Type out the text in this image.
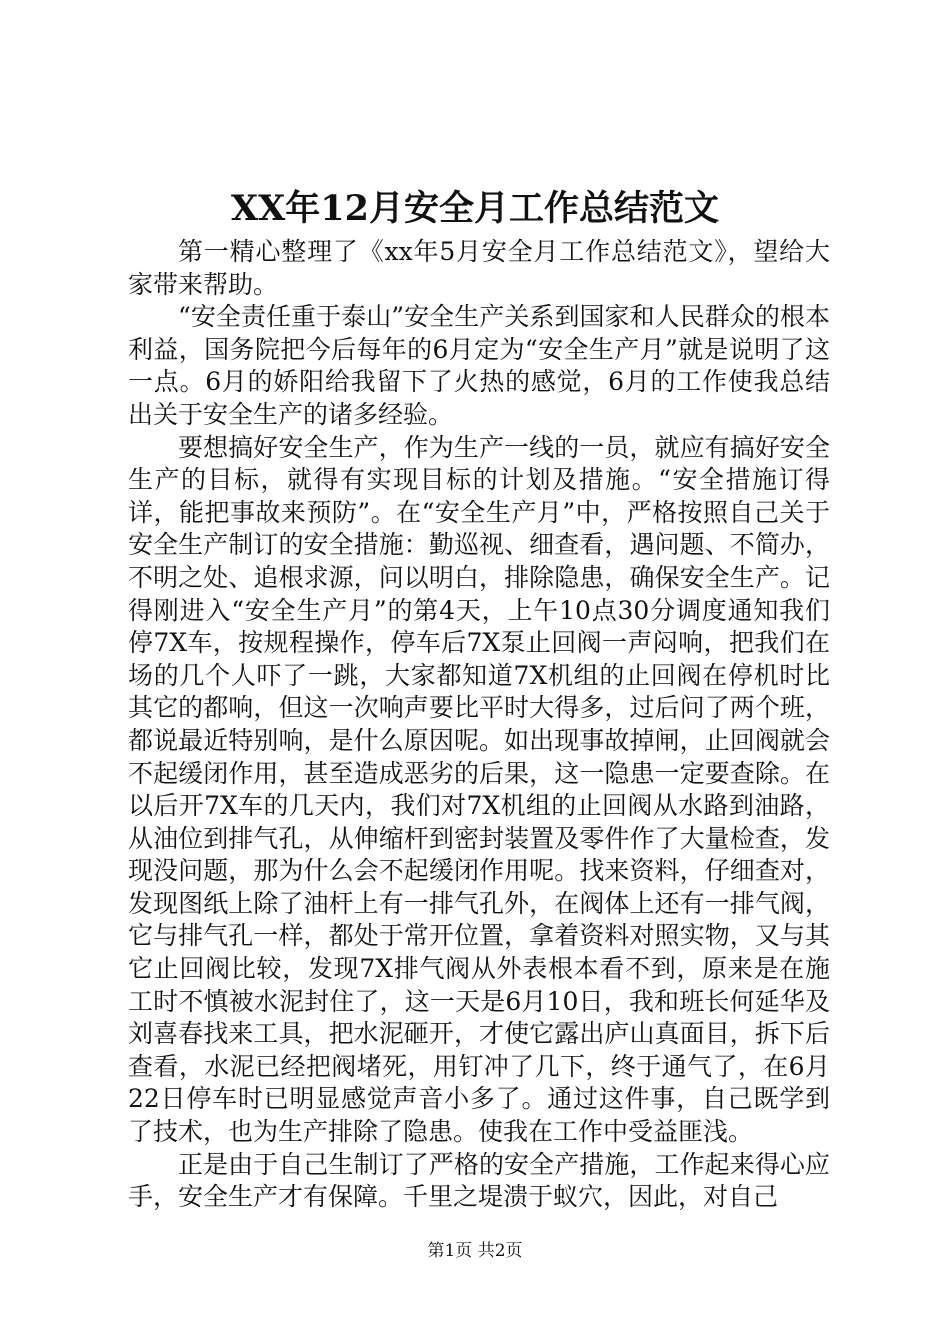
XX年12月安全月工作总结范文

第一精心整理了《xx年5月安全月工作总结范文》，望给大家带来帮助。

“安全责任重于泰山”安全生产关系到国家和人民群众的根本利益，国务院把今后每年的6月定为“安全生产月”就是说明了这一点。6月的娇阳给我留下了火热的感觉，6月的工作使我总结出关于安全生产的诸多经验。

要想搞好安全生产，作为生产一线的一员，就应有搞好安全生产的目标，就得有实现目标的计划及措施。“安全措施订得详，能把事故来预防”。在“安全生产月”中，严格按照自己关于安全生产制订的安全措施：勤巡视、细查看，遇问题、不简办，不明之处、追根求源，问以明白，排除隐患，确保安全生产。记得刚进入“安全生产月”的第4天，上午10点30分调度通知我们停7X车，按规程操作，停车后7X泵止回阀一声闷响，把我们在场的几个人吓了一跳，大家都知道7X机组的止回阀在停机时比其它的都响，但这一次响声要比平时大得多，过后问了两个班，都说最近特别响，是什么原因呢。如出现事故掉闸，止回阀就会不起缓闭作用，甚至造成恶劣的后果，这一隐患一定要查除。在以后开7X车的几天内，我们对7X机组的止回阀从水路到油路，从油位到排气孔，从伸缩杆到密封装置及零件作了大量检查，发现没问题，那为什么会不起缓闭作用呢。找来资料，仔细查对，发现图纸上除了油杆上有一排气孔外，在阀体上还有一排气阀，它与排气孔一样，都处于常开位置，拿着资料对照实物，又与其它止回阀比较，发现7X排气阀从外表根本看不到，原来是在施工时不慎被水泥封住了，这一天是6月10日，我和班长何延华及刘喜春找来工具，把水泥砸开，才使它露出庐山真面目，拆下后查看，水泥已经把阀堵死，用钉冲了几下，终于通气了，在6月22日停车时已明显感觉声音小多了。通过这件事，自己既学到了技术，也为生产排除了隐患。使我在工作中受益匪浅。

正是由于自己生制订了严格的安全产措施，工作起来得心应手，安全生产才有保障。千里之堤溃于蚁穴，因此，对自己

第1页 共2页
